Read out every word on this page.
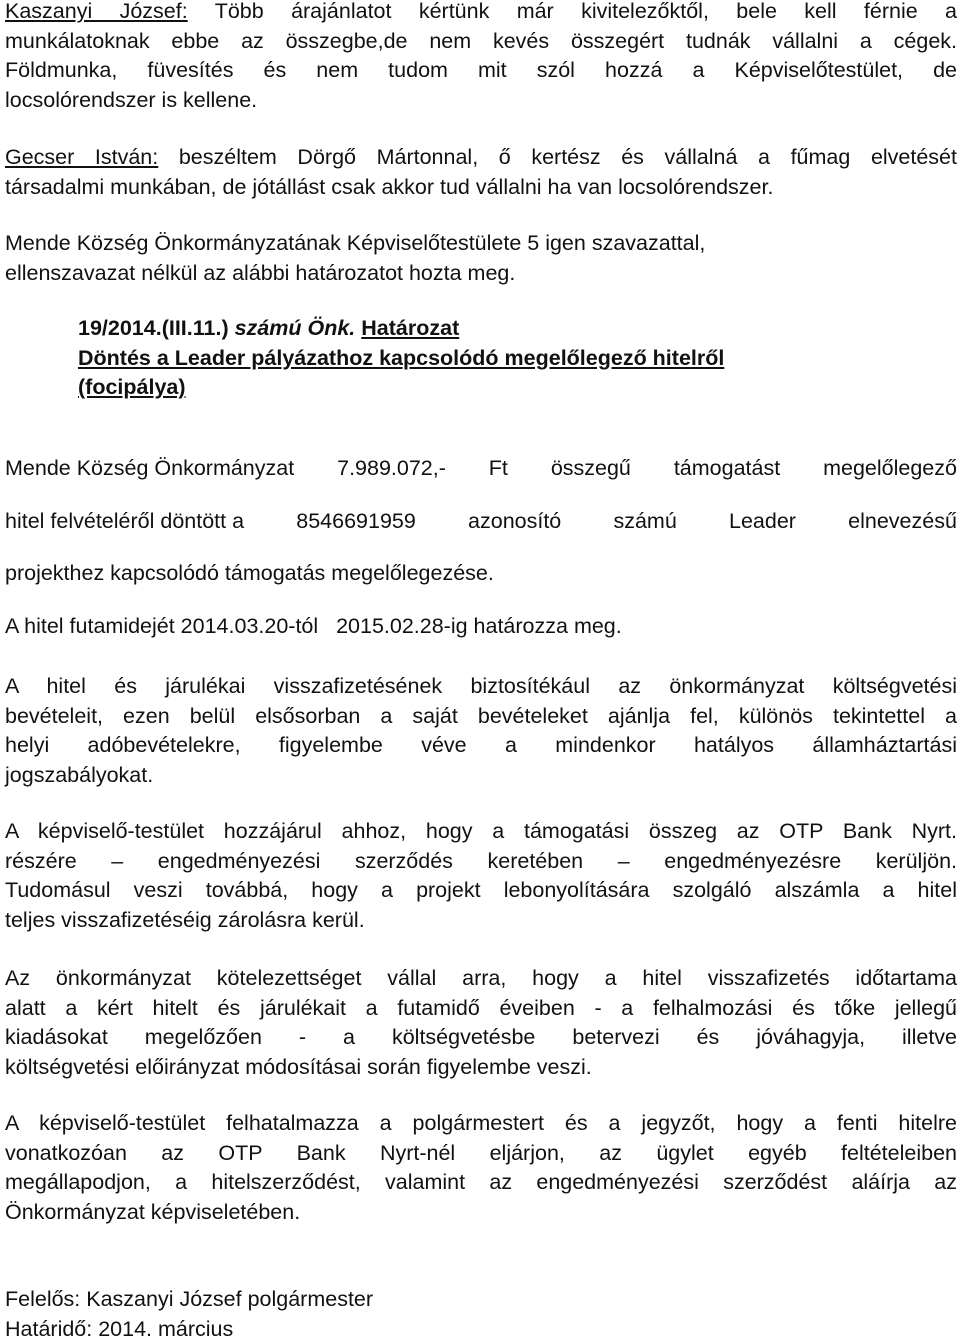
Kaszanyi József: Több árajánlatot kértünk már kivitelezőktől, bele kell férnie a
munkálatoknak ebbe az összegbe,de nem kevés összegért tudnák vállalni a cégek.
Földmunka, füvesítés és nem tudom mit szól hozzá a Képviselőtestület, de
locsolórendszer is kellene.
Gecser István: beszéltem Dörgő Mártonnal, ő kertész és vállalná a fűmag elvetését
társadalmi munkában, de jótállást csak akkor tud vállalni ha van locsolórendszer.
Mende Község Önkormányzatának Képviselőtestülete 5 igen szavazattal,
ellenszavazat nélkül az alábbi határozatot hozta meg.
19/2014.(III.11.) számú Önk. Határozat
Döntés a Leader pályázathoz kapcsolódó megelőlegező hitelről
(focipálya)
Mende Község Önkormányzat 7.989.072,- Ft összegű támogatást megelőlegező
hitel felvételéről döntött a 8546691959 azonosító számú Leader elnevezésű
projekthez kapcsolódó támogatás megelőlegezése.
A hitel futamidejét 2014.03.20-tól   2015.02.28-ig határozza meg.
A hitel és járulékai visszafizetésének biztosítékául az önkormányzat költségvetési
bevételeit, ezen belül elsősorban a saját bevételeket ajánlja fel, különös tekintettel a
helyi adóbevételekre, figyelembe véve a mindenkor hatályos államháztartási
jogszabályokat.
A képviselő-testület hozzájárul ahhoz, hogy a támogatási összeg az OTP Bank Nyrt.
részére – engedményezési szerződés keretében – engedményezésre kerüljön.
Tudomásul veszi továbbá, hogy a projekt lebonyolítására szolgáló alszámla a hitel
teljes visszafizetéséig zárolásra kerül.
Az önkormányzat kötelezettséget vállal arra, hogy a hitel visszafizetés időtartama
alatt a kért hitelt és járulékait a futamidő éveiben - a felhalmozási és tőke jellegű
kiadásokat megelőzően - a költségvetésbe betervezi és jóváhagyja, illetve
költségvetési előirányzat módosításai során figyelembe veszi.
A képviselő-testület felhatalmazza a polgármestert és a jegyzőt, hogy a fenti hitelre
vonatkozóan az OTP Bank Nyrt-nél eljárjon, az ügylet egyéb feltételeiben
megállapodjon, a hitelszerződést, valamint az engedményezési szerződést aláírja az
Önkormányzat képviseletében.
Felelős: Kaszanyi József polgármester
Határidő: 2014. március
